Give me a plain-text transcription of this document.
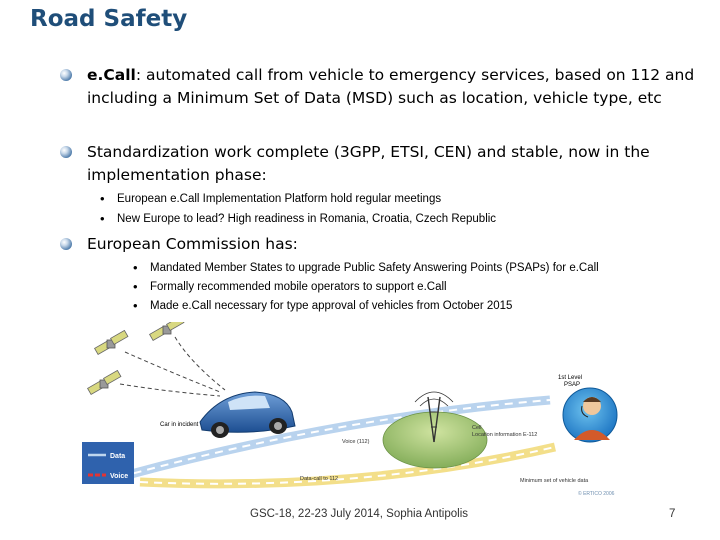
Road Safety
e.Call: automated call from vehicle to emergency services, based on 112 and including a Minimum Set of Data (MSD) such as location, vehicle type, etc
Standardization work complete (3GPP, ETSI, CEN) and stable, now in the implementation phase:
• European e.Call Implementation Platform hold regular meetings
• New Europe to lead? High readiness in Romania, Croatia, Czech Republic
European Commission has:
• Mandated Member States to upgrade Public Safety Answering Points (PSAPs) for e.Call
• Formally recommended mobile operators to support e.Call
• Made e.Call necessary for type approval of vehicles from October 2015
1st Level
PSAP
Car in incident
Voice (112)
Data-call to 112
Cell
Location information E-112
Minimum set of vehicle data
© ERTICO 2006
Data
Voice
GSC-18, 22-23 July 2014, Sophia Antipolis	7
